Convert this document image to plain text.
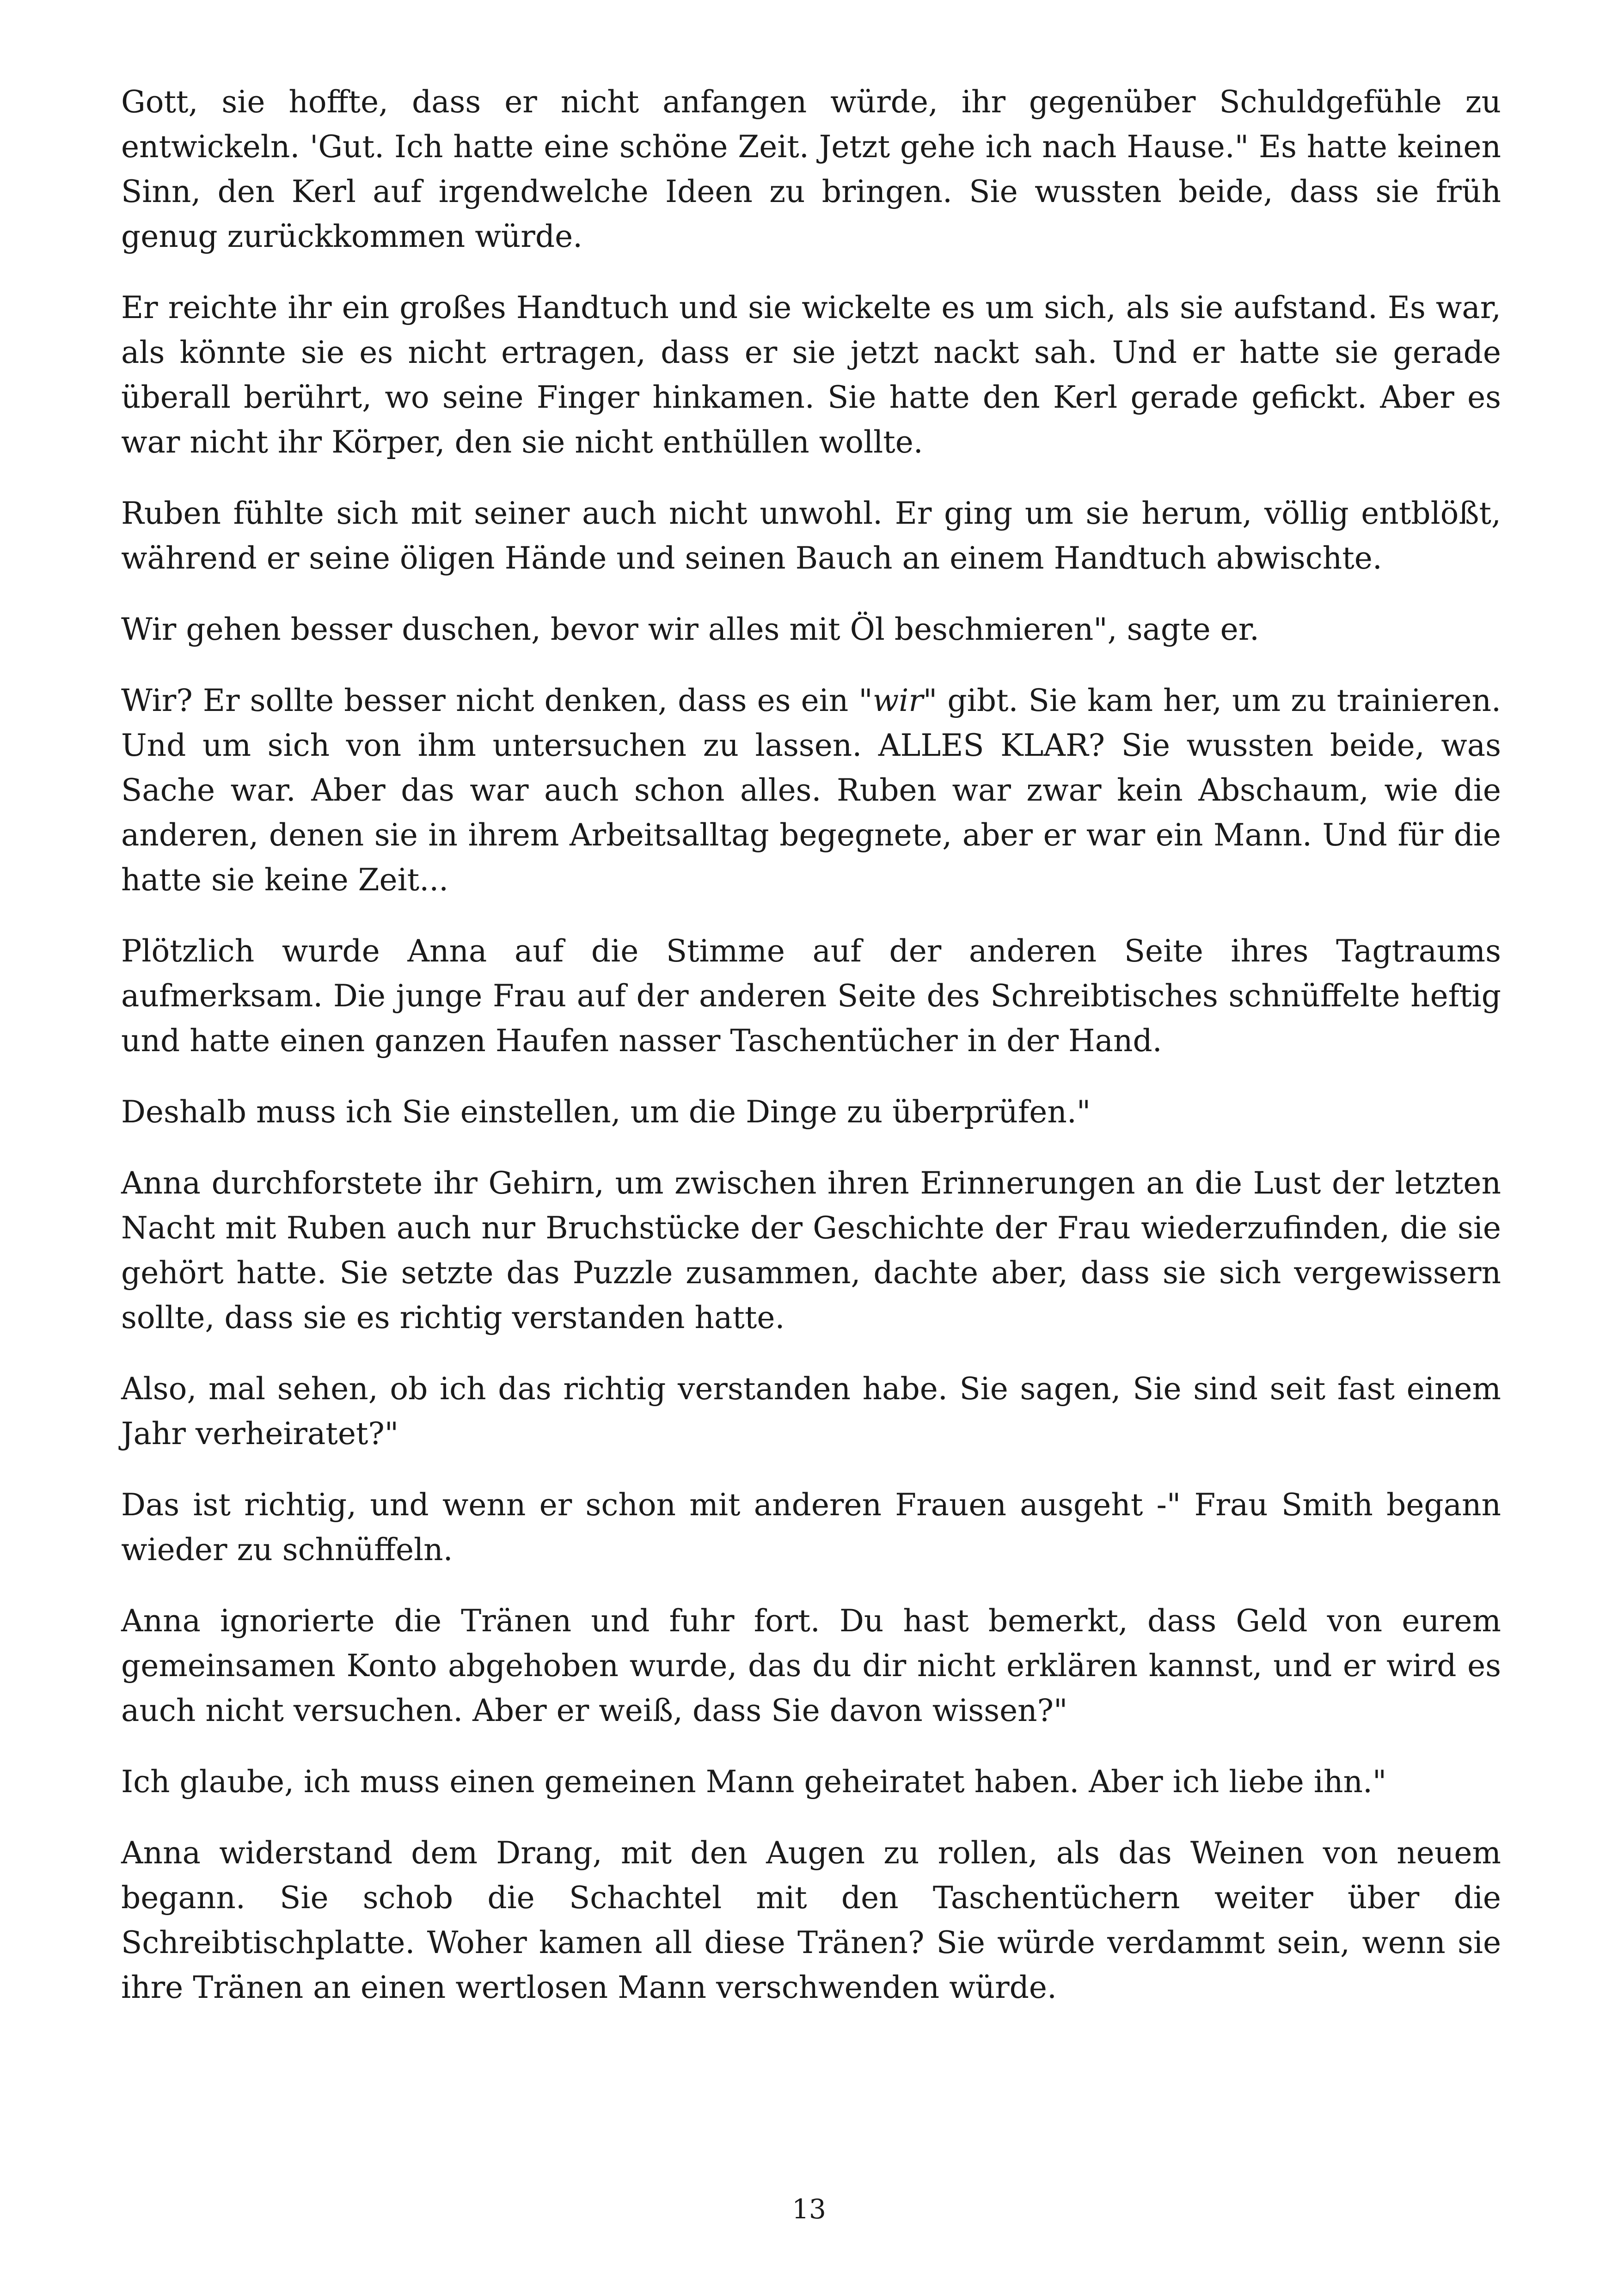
Gott, sie hoffte, dass er nicht anfangen würde, ihr gegenüber Schuldgefühle zu entwickeln. 'Gut. Ich hatte eine schöne Zeit. Jetzt gehe ich nach Hause." Es hatte keinen Sinn, den Kerl auf irgendwelche Ideen zu bringen. Sie wussten beide, dass sie früh genug zurückkommen würde.

Er reichte ihr ein großes Handtuch und sie wickelte es um sich, als sie aufstand. Es war, als könnte sie es nicht ertragen, dass er sie jetzt nackt sah. Und er hatte sie gerade überall berührt, wo seine Finger hinkamen. Sie hatte den Kerl gerade gefickt. Aber es war nicht ihr Körper, den sie nicht enthüllen wollte.

Ruben fühlte sich mit seiner auch nicht unwohl. Er ging um sie herum, völlig entblößt, während er seine öligen Hände und seinen Bauch an einem Handtuch abwischte.

Wir gehen besser duschen, bevor wir alles mit Öl beschmieren", sagte er.

Wir? Er sollte besser nicht denken, dass es ein "wir" gibt. Sie kam her, um zu trainieren. Und um sich von ihm untersuchen zu lassen. ALLES KLAR? Sie wussten beide, was Sache war. Aber das war auch schon alles. Ruben war zwar kein Abschaum, wie die anderen, denen sie in ihrem Arbeitsalltag begegnete, aber er war ein Mann. Und für die hatte sie keine Zeit...

Plötzlich wurde Anna auf die Stimme auf der anderen Seite ihres Tagtraums aufmerksam. Die junge Frau auf der anderen Seite des Schreibtisches schnüffelte heftig und hatte einen ganzen Haufen nasser Taschentücher in der Hand.

Deshalb muss ich Sie einstellen, um die Dinge zu überprüfen."

Anna durchforstete ihr Gehirn, um zwischen ihren Erinnerungen an die Lust der letzten Nacht mit Ruben auch nur Bruchstücke der Geschichte der Frau wiederzufinden, die sie gehört hatte. Sie setzte das Puzzle zusammen, dachte aber, dass sie sich vergewissern sollte, dass sie es richtig verstanden hatte.

Also, mal sehen, ob ich das richtig verstanden habe. Sie sagen, Sie sind seit fast einem Jahr verheiratet?"

Das ist richtig, und wenn er schon mit anderen Frauen ausgeht -" Frau Smith begann wieder zu schnüffeln.

Anna ignorierte die Tränen und fuhr fort. Du hast bemerkt, dass Geld von eurem gemeinsamen Konto abgehoben wurde, das du dir nicht erklären kannst, und er wird es auch nicht versuchen. Aber er weiß, dass Sie davon wissen?"

Ich glaube, ich muss einen gemeinen Mann geheiratet haben. Aber ich liebe ihn."

Anna widerstand dem Drang, mit den Augen zu rollen, als das Weinen von neuem begann. Sie schob die Schachtel mit den Taschentüchern weiter über die Schreibtischplatte. Woher kamen all diese Tränen? Sie würde verdammt sein, wenn sie ihre Tränen an einen wertlosen Mann verschwenden würde.

13
